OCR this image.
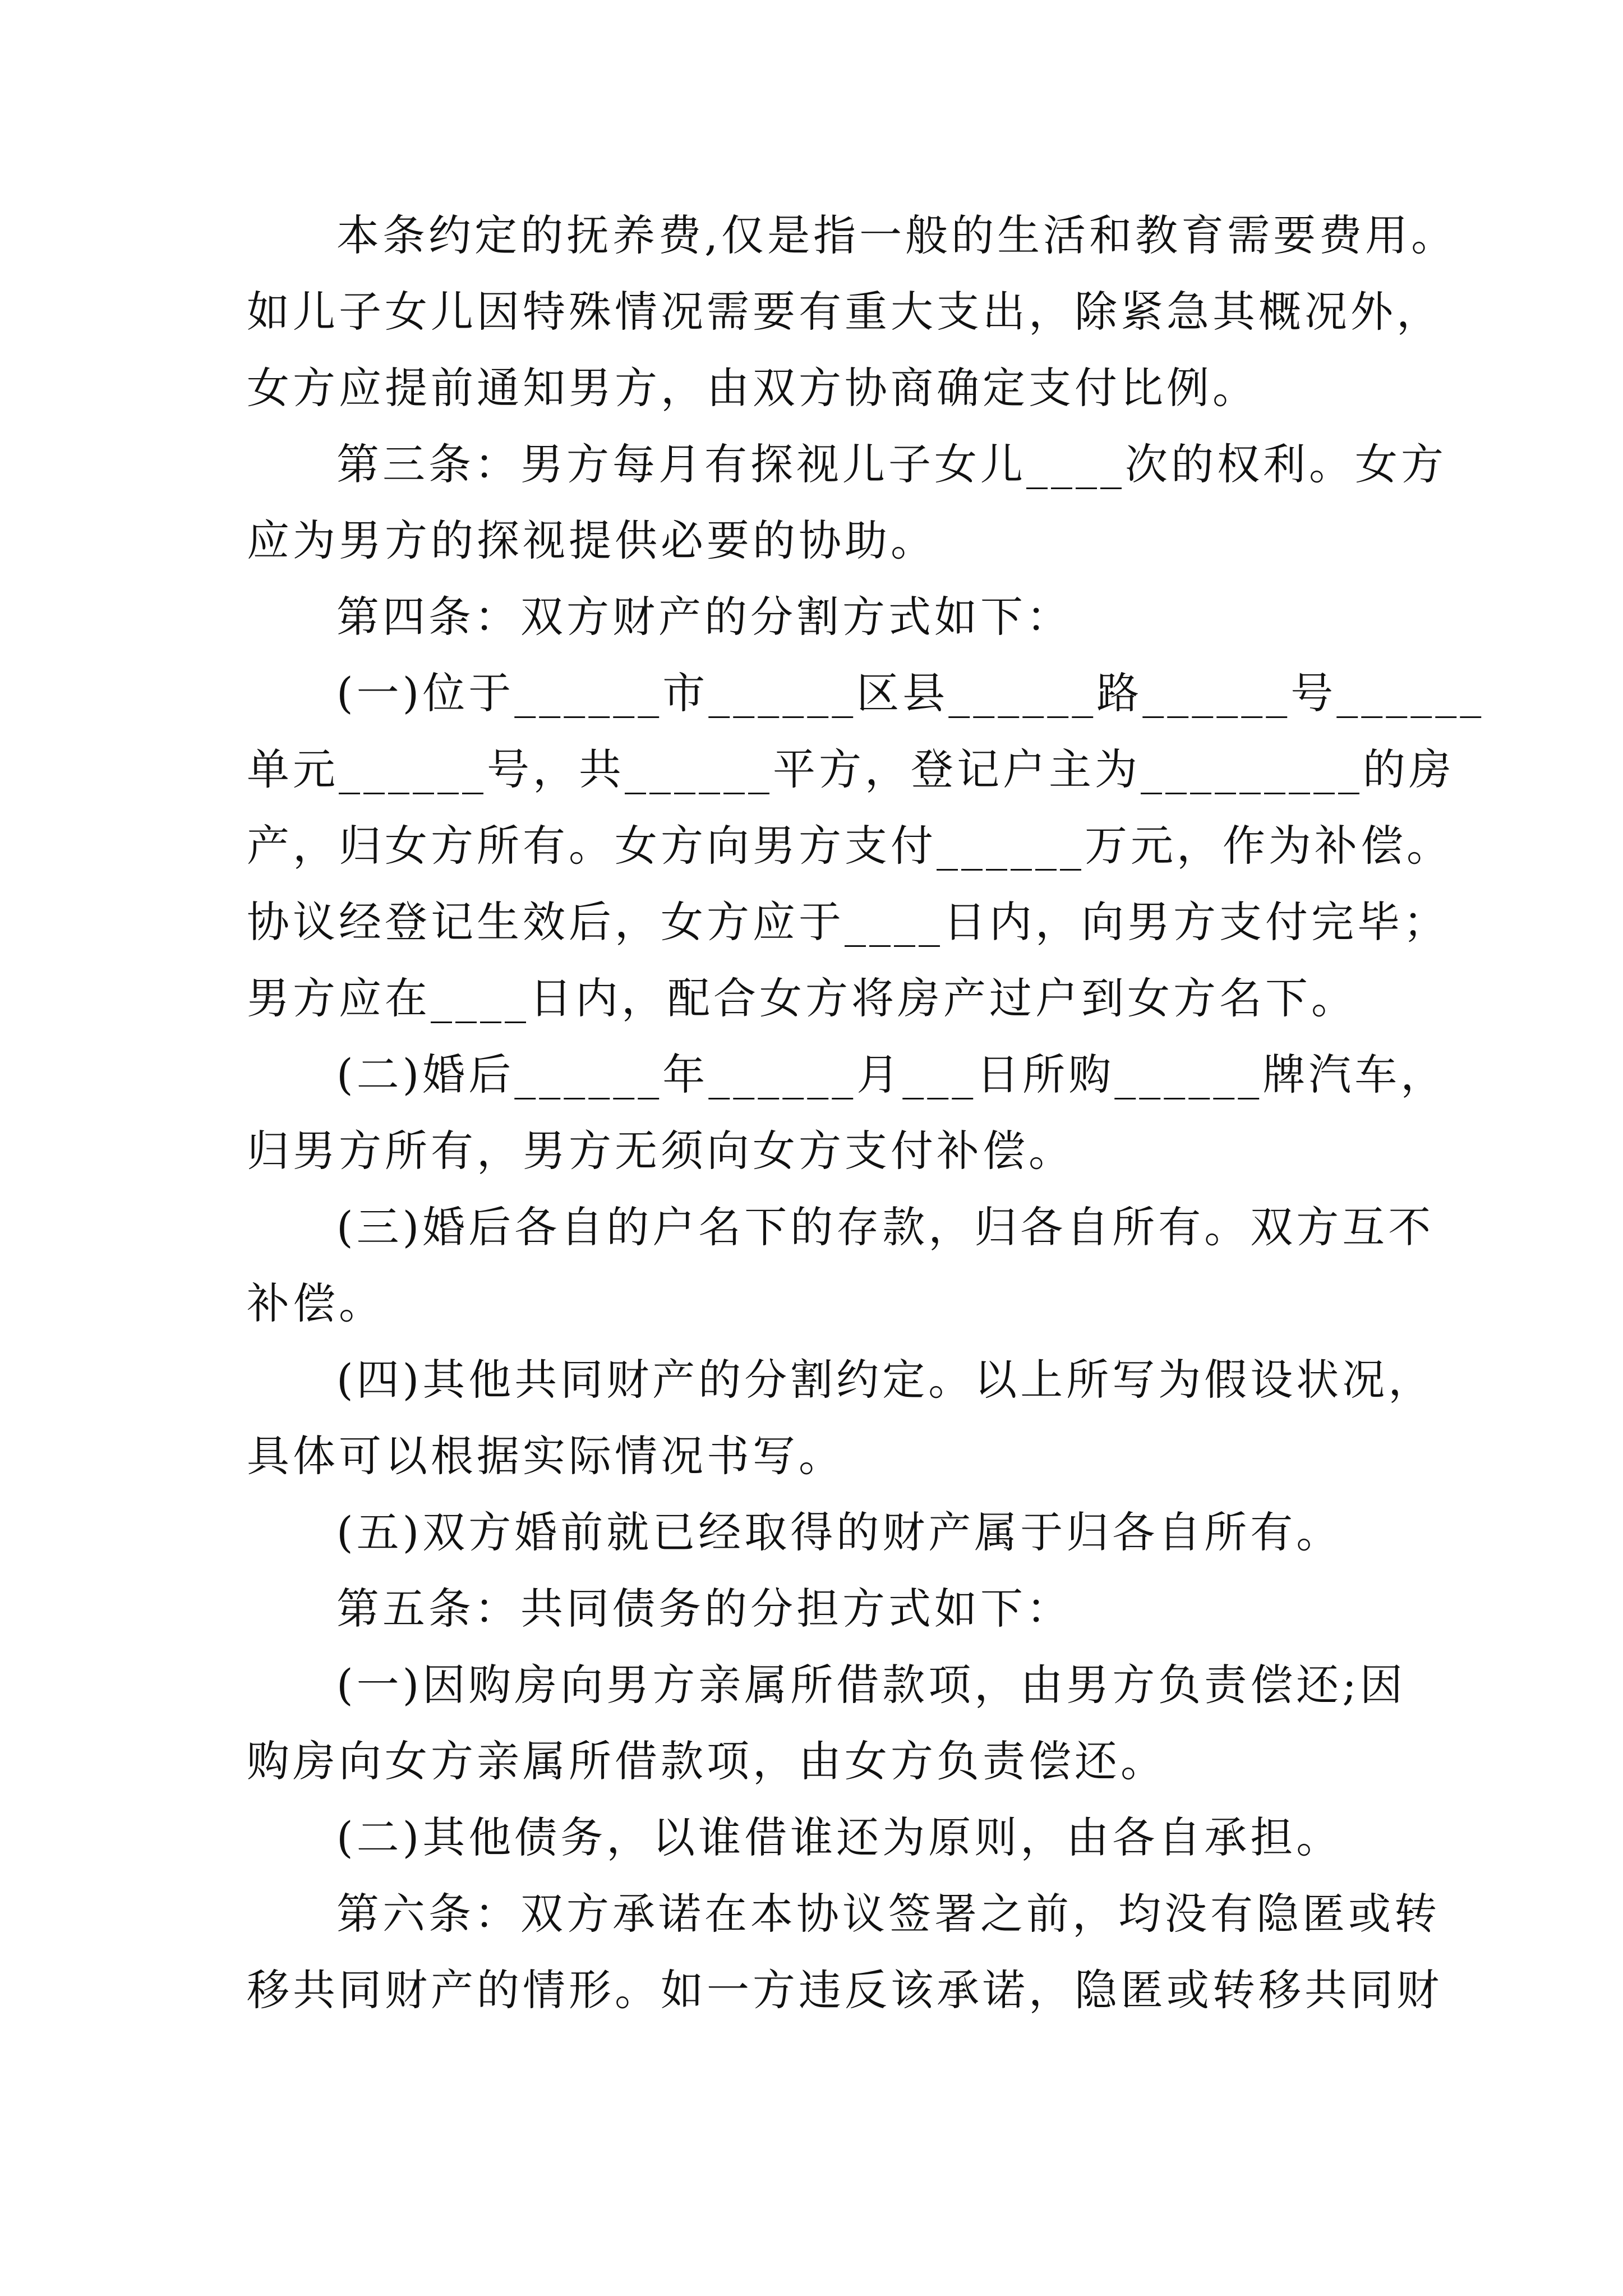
本条约定的抚养费,仅是指一般的生活和教育需要费用。
如儿子女儿因特殊情况需要有重大支出，除紧急其概况外，
女方应提前通知男方，由双方协商确定支付比例。
第三条：男方每月有探视儿子女儿____次的权利。女方
应为男方的探视提供必要的协助。
第四条：双方财产的分割方式如下：
(一)位于______市______区县______路______号______
单元______号，共______平方，登记户主为_________的房
产，归女方所有。女方向男方支付______万元，作为补偿。
协议经登记生效后，女方应于____日内，向男方支付完毕；
男方应在____日内，配合女方将房产过户到女方名下。
(二)婚后______年______月___日所购______牌汽车，
归男方所有，男方无须向女方支付补偿。
(三)婚后各自的户名下的存款，归各自所有。双方互不
补偿。
(四)其他共同财产的分割约定。以上所写为假设状况，
具体可以根据实际情况书写。
(五)双方婚前就已经取得的财产属于归各自所有。
第五条：共同债务的分担方式如下：
(一)因购房向男方亲属所借款项，由男方负责偿还;因
购房向女方亲属所借款项，由女方负责偿还。
(二)其他债务，以谁借谁还为原则，由各自承担。
第六条：双方承诺在本协议签署之前，均没有隐匿或转
移共同财产的情形。如一方违反该承诺，隐匿或转移共同财
